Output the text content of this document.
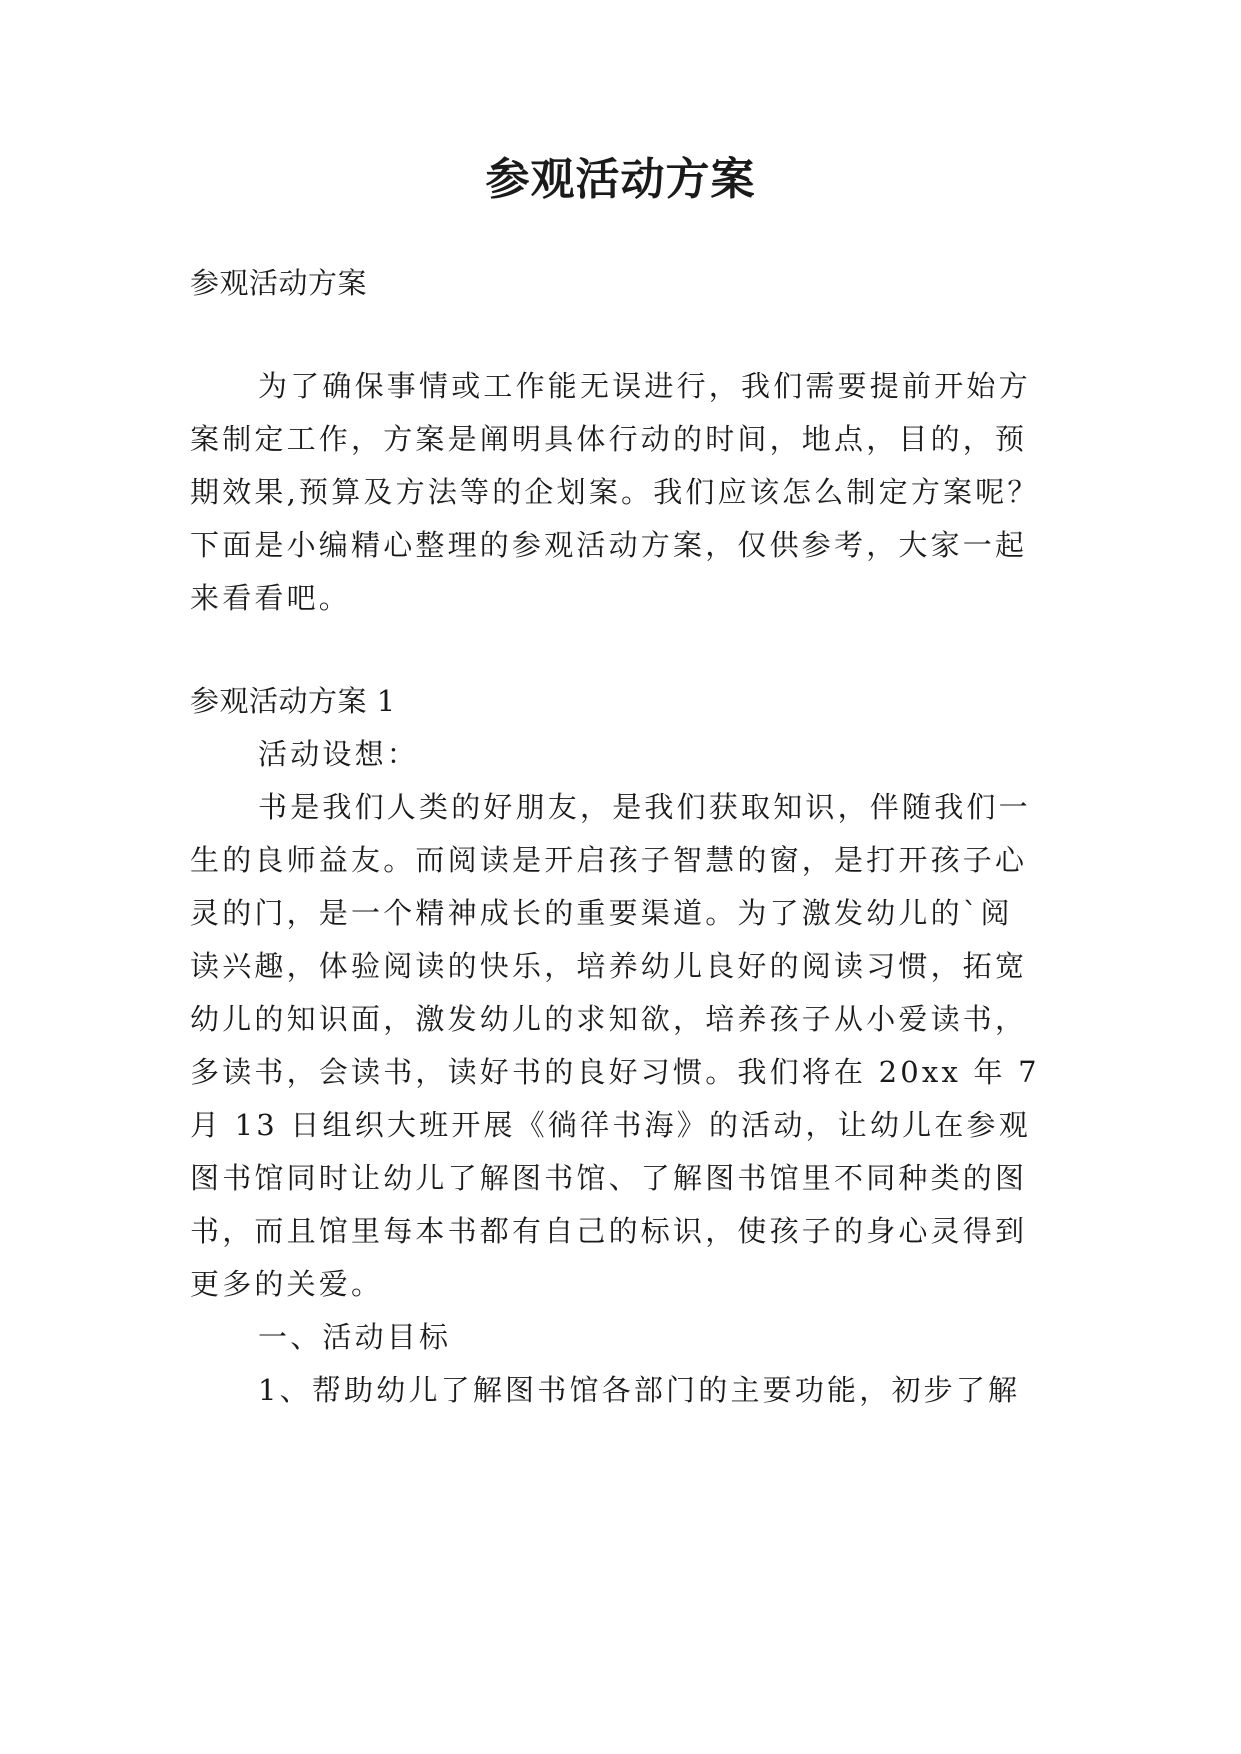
参观活动方案
参观活动方案
为了确保事情或工作能无误进行，我们需要提前开始方
案制定工作，方案是阐明具体行动的时间，地点，目的，预
期效果,预算及方法等的企划案。我们应该怎么制定方案呢？
下面是小编精心整理的参观活动方案，仅供参考，大家一起
来看看吧。
参观活动方案 1
活动设想：
书是我们人类的好朋友，是我们获取知识，伴随我们一
生的良师益友。而阅读是开启孩子智慧的窗，是打开孩子心
灵的门，是一个精神成长的重要渠道。为了激发幼儿的`阅
读兴趣，体验阅读的快乐，培养幼儿良好的阅读习惯，拓宽
幼儿的知识面，激发幼儿的求知欲，培养孩子从小爱读书，
多读书，会读书，读好书的良好习惯。我们将在 20xx 年 7
月 13 日组织大班开展《徜徉书海》的活动，让幼儿在参观
图书馆同时让幼儿了解图书馆、了解图书馆里不同种类的图
书，而且馆里每本书都有自己的标识，使孩子的身心灵得到
更多的关爱。
一、活动目标
1、帮助幼儿了解图书馆各部门的主要功能，初步了解
